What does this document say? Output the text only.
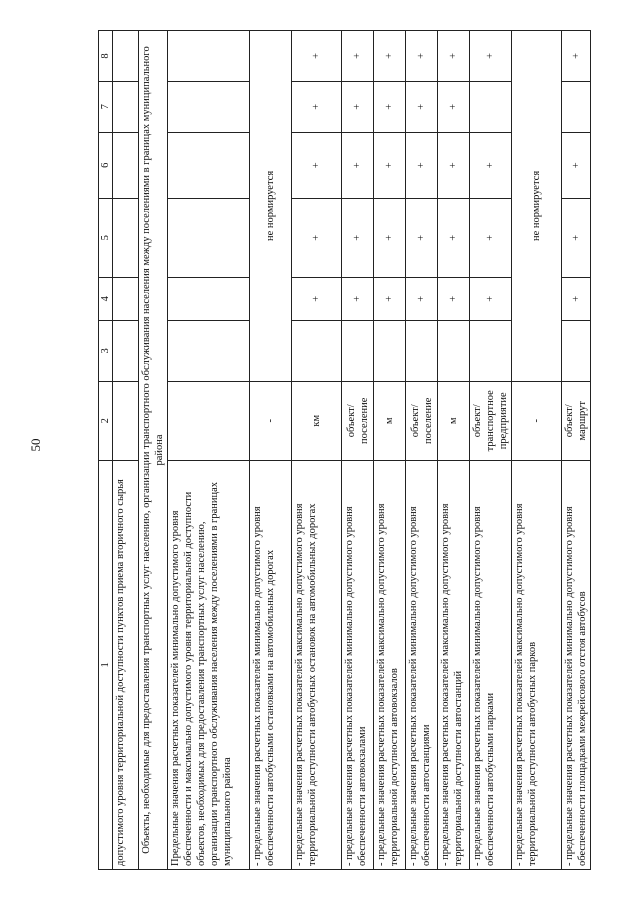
50
1	2	3	4	5	6	7	8
допустимого уровня территориальной доступности пунктов приема вторичного сырья							
Объекты, необходимые для предоставления транспортных услуг населению, организации транспортного обслуживания населения между поселениями в границах муниципального района							
Предельные значения расчетных показателей минимально допустимого уровня обеспеченности и максимально допустимого уровня территориальной доступности объектов, необходимых для предоставления транспортных услуг населению, организации транспортного обслуживания населения между поселениями в границах муниципального района							
- предельные значения расчетных показателей минимально допустимого уровня обеспеченности автобусными остановками на автомобильных дорогах	-	не нормируется					
- предельные значения расчетных показателей максимально допустимого уровня территориальной доступности автобусных остановок на автомобильных дорогах	км		+	+	+	+	+
- предельные значения расчетных показателей минимально допустимого уровня обеспеченности автовокзалами	объект/ поселение		+	+	+	+	+
- предельные значения расчетных показателей максимально допустимого уровня территориальной доступности автовокзалов	м		+	+	+	+	+
- предельные значения расчетных показателей минимально допустимого уровня обеспеченности автостанциями	объект/ поселение		+	+	+	+	+
- предельные значения расчетных показателей максимально допустимого уровня территориальной доступности автостанций	м		+	+	+	+	+
- предельные значения расчетных показателей минимально допустимого уровня обеспеченности автобусными парками	объект/ транспортное предприятие		+	+	+		+
- предельные значения расчетных показателей максимально допустимого уровня территориальной доступности автобусных парков	-	не нормируется					
- предельные значения расчетных показателей минимально допустимого уровня обеспеченности площадками межрейсового отстоя автобусов	объект/ маршрут		+	+	+		+
